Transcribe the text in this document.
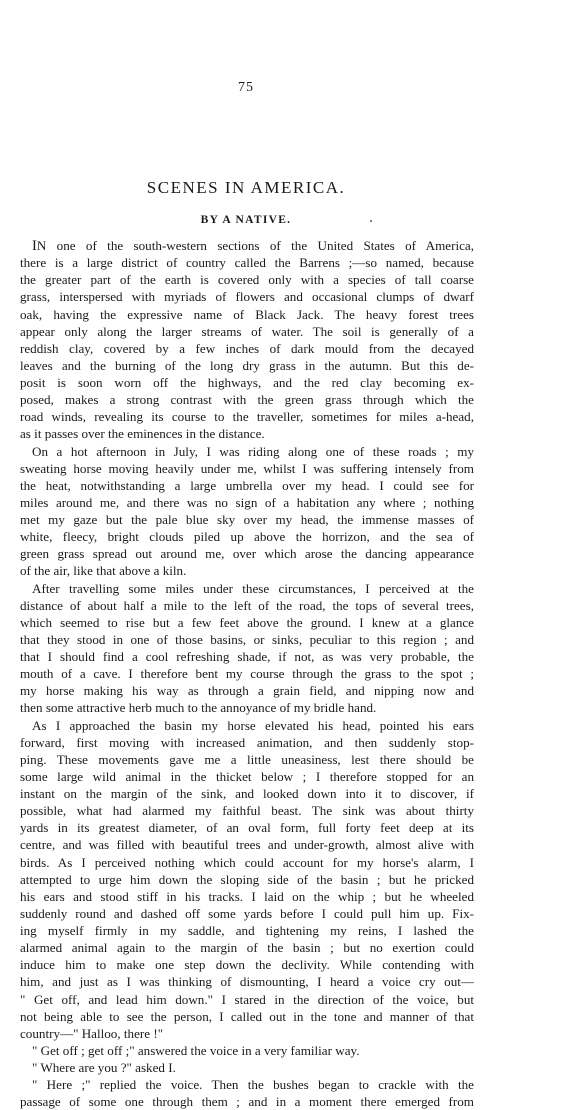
75
SCENES IN AMERICA.
BY A NATIVE.
IN one of the south-western sections of the United States of America,
there is a large district of country called the Barrens ;—so named, because
the greater part of the earth is covered only with a species of tall coarse
grass, interspersed with myriads of flowers and occasional clumps of dwarf
oak, having the expressive name of Black Jack. The heavy forest trees
appear only along the larger streams of water. The soil is generally of a
reddish clay, covered by a few inches of dark mould from the decayed
leaves and the burning of the long dry grass in the autumn. But this de-
posit is soon worn off the highways, and the red clay becoming ex-
posed, makes a strong contrast with the green grass through which the
road winds, revealing its course to the traveller, sometimes for miles a-head,
as it passes over the eminences in the distance.
On a hot afternoon in July, I was riding along one of these roads ; my
sweating horse moving heavily under me, whilst I was suffering intensely from
the heat, notwithstanding a large umbrella over my head. I could see for
miles around me, and there was no sign of a habitation any where ; nothing
met my gaze but the pale blue sky over my head, the immense masses of
white, fleecy, bright clouds piled up above the horrizon, and the sea of
green grass spread out around me, over which arose the dancing appearance
of the air, like that above a kiln.
After travelling some miles under these circumstances, I perceived at the
distance of about half a mile to the left of the road, the tops of several trees,
which seemed to rise but a few feet above the ground. I knew at a glance
that they stood in one of those basins, or sinks, peculiar to this region ; and
that I should find a cool refreshing shade, if not, as was very probable, the
mouth of a cave. I therefore bent my course through the grass to the spot ;
my horse making his way as through a grain field, and nipping now and
then some attractive herb much to the annoyance of my bridle hand.
As I approached the basin my horse elevated his head, pointed his ears
forward, first moving with increased animation, and then suddenly stop-
ping. These movements gave me a little uneasiness, lest there should be
some large wild animal in the thicket below ; I therefore stopped for an
instant on the margin of the sink, and looked down into it to discover, if
possible, what had alarmed my faithful beast. The sink was about thirty
yards in its greatest diameter, of an oval form, full forty feet deep at its
centre, and was filled with beautiful trees and under-growth, almost alive with
birds. As I perceived nothing which could account for my horse's alarm, I
attempted to urge him down the sloping side of the basin ; but he pricked
his ears and stood stiff in his tracks. I laid on the whip ; but he wheeled
suddenly round and dashed off some yards before I could pull him up. Fix-
ing myself firmly in my saddle, and tightening my reins, I lashed the
alarmed animal again to the margin of the basin ; but no exertion could
induce him to make one step down the declivity. While contending with
him, and just as I was thinking of dismounting, I heard a voice cry out—
" Get off, and lead him down." I stared in the direction of the voice, but
not being able to see the person, I called out in the tone and manner of that
country—" Halloo, there !"
" Get off ; get off ;" answered the voice in a very familiar way.
" Where are you ?" asked I.
" Here ;" replied the voice. Then the bushes began to crackle with the
passage of some one through them ; and in a moment there emerged from
